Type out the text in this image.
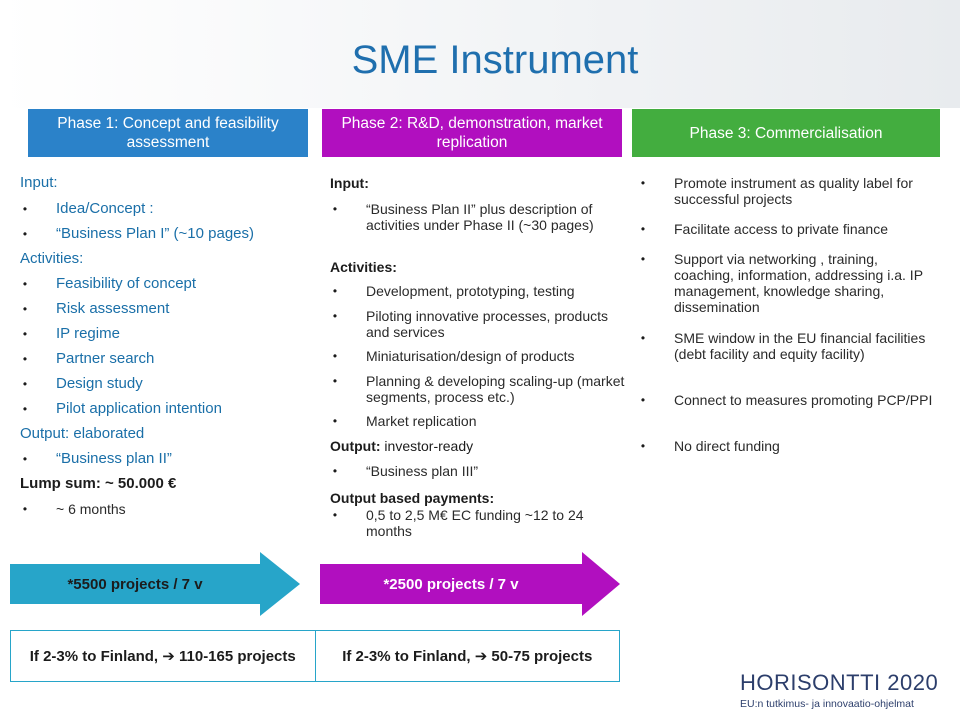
SME Instrument
Phase 1: Concept and feasibility assessment
Phase 2: R&D, demonstration, market replication
Phase 3: Commercialisation
Input:
• Idea/Concept :
• “Business Plan I” (~10 pages)
Activities:
• Feasibility of concept
• Risk assessment
• IP regime
• Partner search
• Design study
• Pilot application intention
Output: elaborated
• “Business plan II”
Lump sum: ~ 50.000 €
• ~ 6 months
Input:
• “Business Plan II” plus description of activities under Phase II (~30 pages)
Activities:
• Development, prototyping, testing
• Piloting innovative processes, products and services
• Miniaturisation/design of products
• Planning & developing scaling-up (market segments, process etc.)
• Market replication
Output: investor-ready
• “Business plan III”
Output based payments:
• 0,5 to 2,5 M€ EC funding ~12 to 24 months
• Promote instrument as quality label for successful projects
• Facilitate access to private finance
• Support via networking , training, coaching, information, addressing i.a. IP management, knowledge sharing, dissemination
• SME window in the EU financial facilities (debt facility and equity facility)
• Connect to measures promoting PCP/PPI
• No direct funding
*5500 projects / 7 v	*2500 projects / 7 v
If 2-3% to Finland, ➔ 110-165 projects	If 2-3% to Finland, ➔ 50-75 projects
HORISONTTI 2020
EU:n tutkimus- ja innovaatio-ohjelmat
